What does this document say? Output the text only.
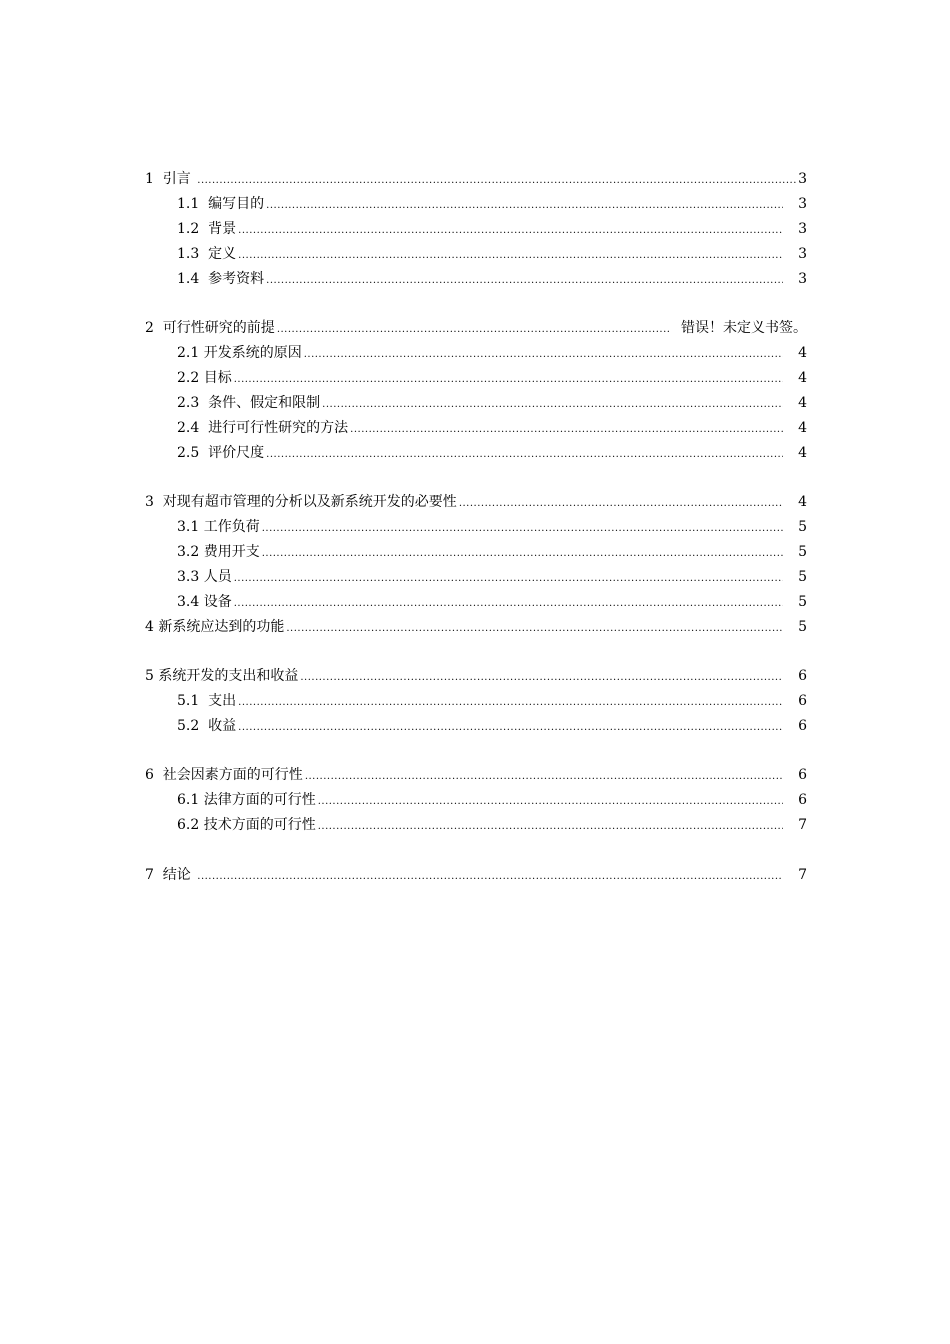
1  引言 .....	3
1.1  编写目的 .....	3
1.2  背景 .....	3
1.3  定义 .....	3
1.4  参考资料 .....	3
2  可行性研究的前提 .....	错误！未定义书签。
2.1 开发系统的原因 .....	4
2.2 目标 .....	4
2.3  条件、假定和限制 .....	4
2.4  进行可行性研究的方法 .....	4
2.5  评价尺度 .....	4
3  对现有超市管理的分析以及新系统开发的必要性 .....	4
3.1 工作负荷 .....	5
3.2 费用开支 .....	5
3.3 人员 .....	5
3.4 设备 .....	5
4 新系统应达到的功能 .....	5
5 系统开发的支出和收益 .....	6
5.1  支出 .....	6
5.2  收益 .....	6
6  社会因素方面的可行性 .....	6
6.1 法律方面的可行性 .....	6
6.2 技术方面的可行性 .....	7
7  结论 .....	7
